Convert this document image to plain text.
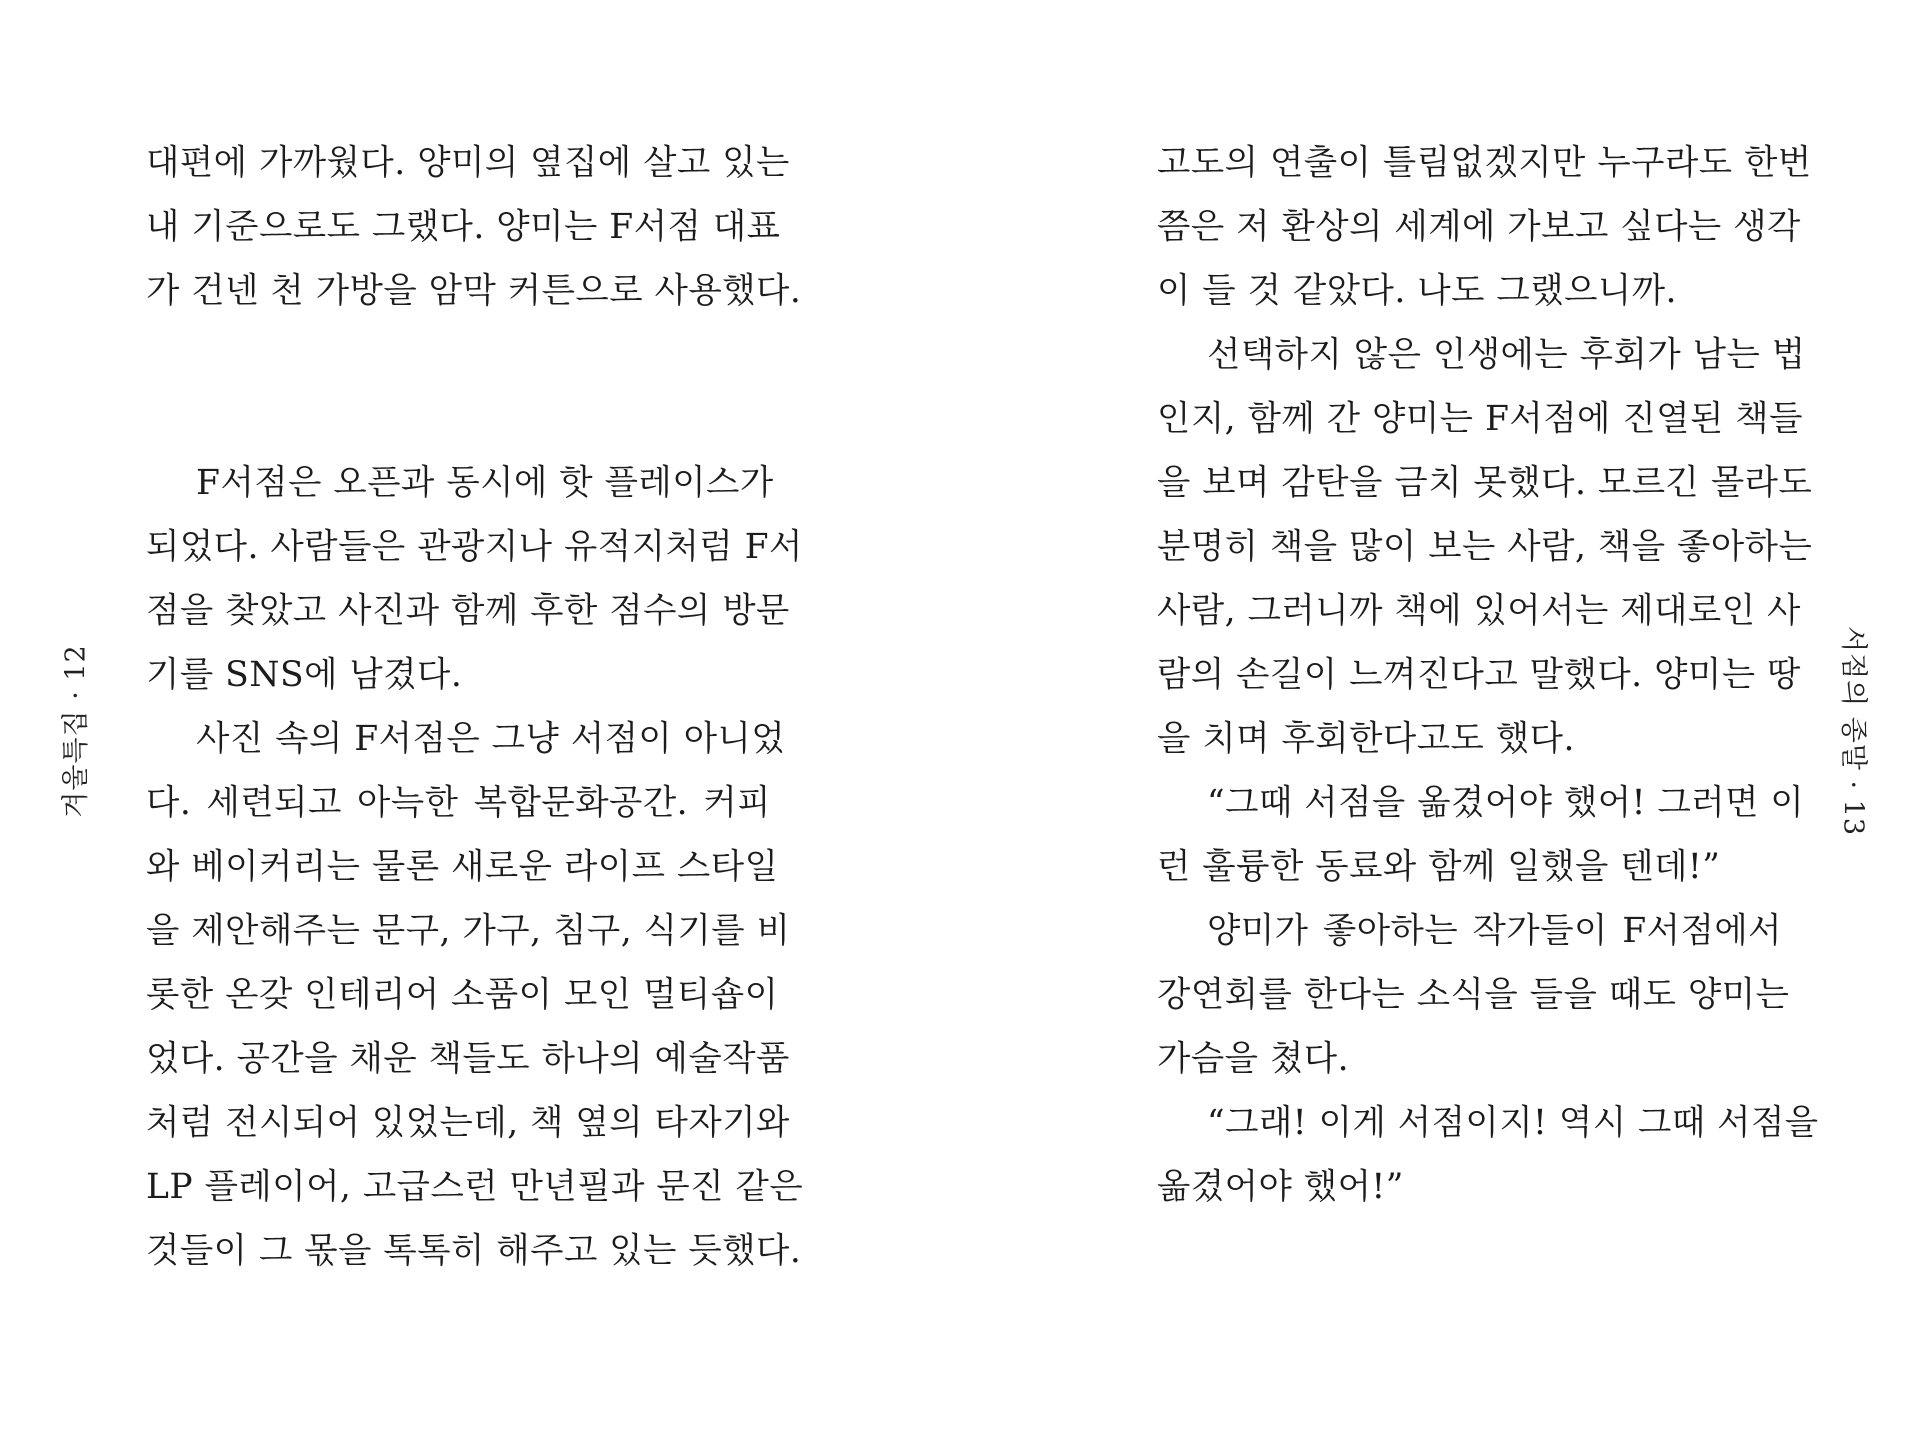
대편에 가까웠다. 양미의 옆집에 살고 있는
내 기준으로도 그랬다. 양미는 F서점 대표
가 건넨 천 가방을 암막 커튼으로 사용했다.
F서점은 오픈과 동시에 핫 플레이스가
되었다. 사람들은 관광지나 유적지처럼 F서
점을 찾았고 사진과 함께 후한 점수의 방문
기를 SNS에 남겼다.
사진 속의 F서점은 그냥 서점이 아니었
다. 세련되고 아늑한 복합문화공간. 커피
와 베이커리는 물론 새로운 라이프 스타일
을 제안해주는 문구, 가구, 침구, 식기를 비
롯한 온갖 인테리어 소품이 모인 멀티숍이
었다. 공간을 채운 책들도 하나의 예술작품
처럼 전시되어 있었는데, 책 옆의 타자기와
LP 플레이어, 고급스런 만년필과 문진 같은
것들이 그 몫을 톡톡히 해주고 있는 듯했다.
겨울특집 · 12
고도의 연출이 틀림없겠지만 누구라도 한번
쯤은 저 환상의 세계에 가보고 싶다는 생각
이 들 것 같았다. 나도 그랬으니까.
선택하지 않은 인생에는 후회가 남는 법
인지, 함께 간 양미는 F서점에 진열된 책들
을 보며 감탄을 금치 못했다. 모르긴 몰라도
분명히 책을 많이 보는 사람, 책을 좋아하는
사람, 그러니까 책에 있어서는 제대로인 사
람의 손길이 느껴진다고 말했다. 양미는 땅
을 치며 후회한다고도 했다.
“그때 서점을 옮겼어야 했어! 그러면 이
런 훌륭한 동료와 함께 일했을 텐데!”
양미가 좋아하는 작가들이 F서점에서
강연회를 한다는 소식을 들을 때도 양미는
가슴을 쳤다.
“그래! 이게 서점이지! 역시 그때 서점을
옮겼어야 했어!”
서점의 종말 · 13
